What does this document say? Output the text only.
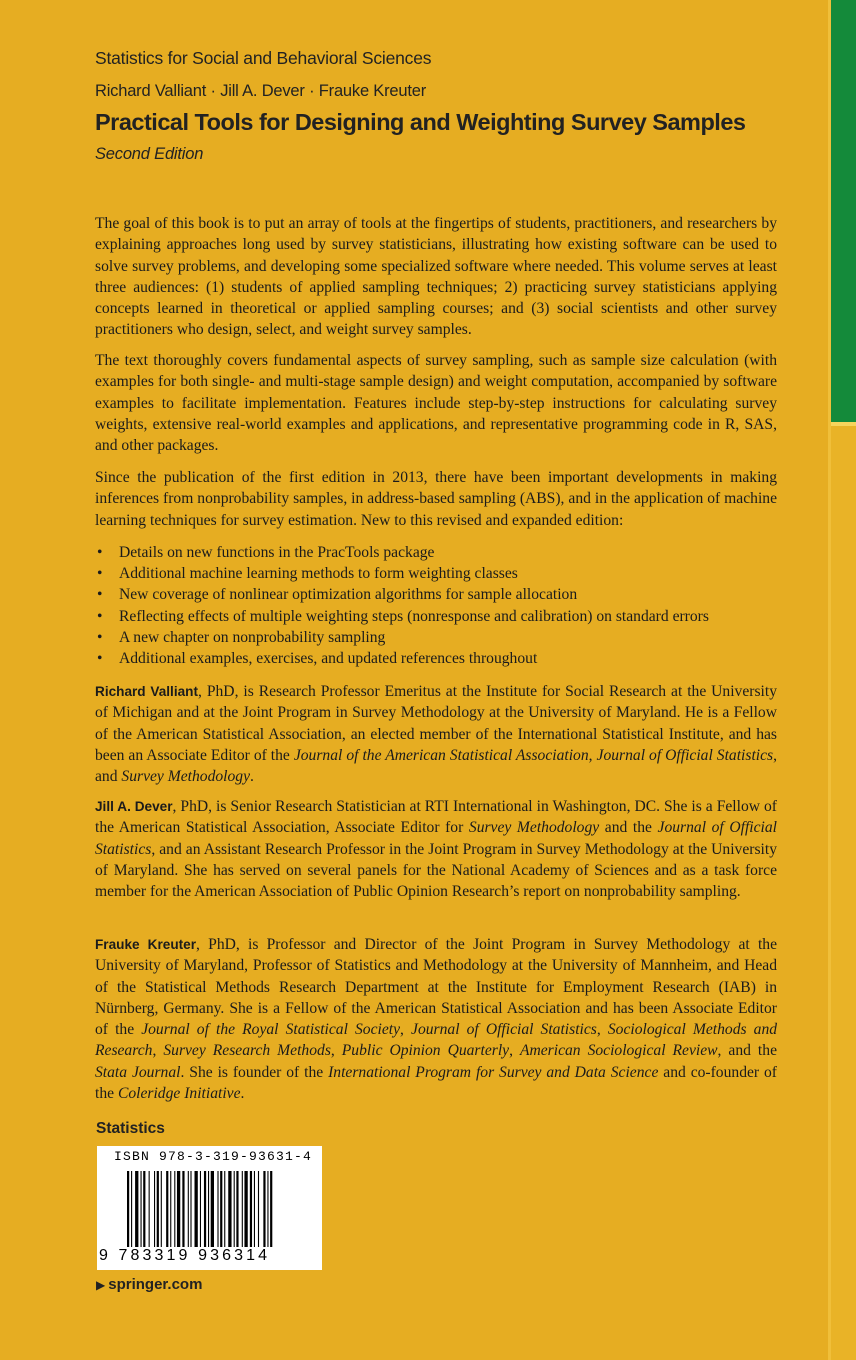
Statistics for Social and Behavioral Sciences
Richard Valliant · Jill A. Dever · Frauke Kreuter
Practical Tools for Designing and Weighting Survey Samples
Second Edition
The goal of this book is to put an array of tools at the fingertips of students, practitioners, and researchers by explaining approaches long used by survey statisticians, illustrating how existing software can be used to solve survey problems, and developing some specialized software where needed. This volume serves at least three audiences: (1) students of applied sampling techniques; 2) practicing survey statisticians applying concepts learned in theoretical or applied sampling courses; and (3) social scientists and other survey practitioners who design, select, and weight survey samples.
The text thoroughly covers fundamental aspects of survey sampling, such as sample size calculation (with examples for both single- and multi-stage sample design) and weight computation, accompanied by software examples to facilitate implementation. Features include step-by-step instructions for calculating survey weights, extensive real-world examples and applications, and representative programming code in R, SAS, and other packages.
Since the publication of the first edition in 2013, there have been important developments in making inferences from nonprobability samples, in address-based sampling (ABS), and in the application of machine learning techniques for survey estimation. New to this revised and expanded edition:
• Details on new functions in the PracTools package
• Additional machine learning methods to form weighting classes
• New coverage of nonlinear optimization algorithms for sample allocation
• Reflecting effects of multiple weighting steps (nonresponse and calibration) on standard errors
• A new chapter on nonprobability sampling
• Additional examples, exercises, and updated references throughout
Richard Valliant, PhD, is Research Professor Emeritus at the Institute for Social Research at the University of Michigan and at the Joint Program in Survey Methodology at the University of Maryland. He is a Fellow of the American Statistical Association, an elected member of the International Statistical Institute, and has been an Associate Editor of the Journal of the American Statistical Association, Journal of Official Statistics, and Survey Methodology.
Jill A. Dever, PhD, is Senior Research Statistician at RTI International in Washington, DC. She is a Fellow of the American Statistical Association, Associate Editor for Survey Methodology and the Journal of Official Statistics, and an Assistant Research Professor in the Joint Program in Survey Methodology at the University of Maryland. She has served on several panels for the National Academy of Sciences and as a task force member for the American Association of Public Opinion Research’s report on nonprobability sampling.
Frauke Kreuter, PhD, is Professor and Director of the Joint Program in Survey Methodology at the University of Maryland, Professor of Statistics and Methodology at the University of Mannheim, and Head of the Statistical Methods Research Department at the Institute for Employment Research (IAB) in Nürnberg, Germany. She is a Fellow of the American Statistical Association and has been Associate Editor of the Journal of the Royal Statistical Society, Journal of Official Statistics, Sociological Methods and Research, Survey Research Methods, Public Opinion Quarterly, American Sociological Review, and the Stata Journal. She is founder of the International Program for Survey and Data Science and co-founder of the Coleridge Initiative.
Statistics
ISBN 978-3-319-93631-4
9 783319 936314
▶ springer.com
